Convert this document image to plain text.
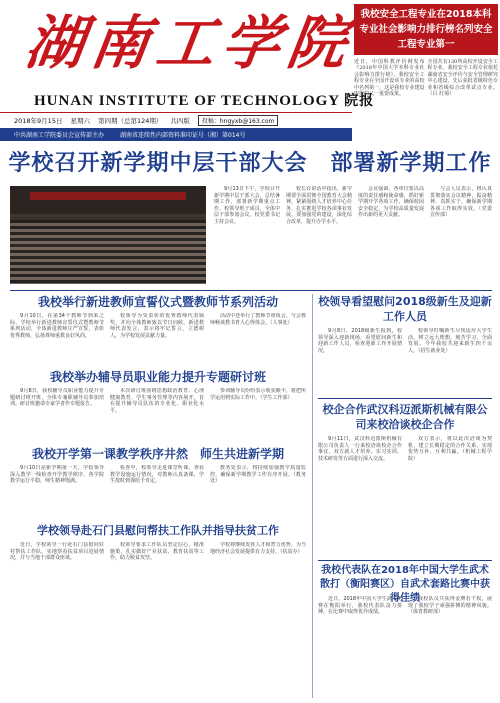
湖 南 工 学 院
HUNAN INSTITUTE OF TECHNOLOGY 院报
我校安全工程专业在2018本科专业社会影响力排行榜名列安全工程专业第一
近日，中国科教评价网发布《2018年中国大学本科专业社会影响力排行榜》。我校安全工程专业在全国开设该专业的高校中名列第一，这是我校专业建设取得的又一重要成果。
全国共有130所高校开设安全工程专业。我校安全工程专业依托湖南省安全评价与安全管理研究中心建设，先后获批省级特色专业和省级综合改革试点专业。（吕 红菊）
2018年9月15日 星期六 第四期（总第124期） 共四版	投稿：hngyxb@163.com
中共湖南工学院委员会宣传部主办	湖南省连续性内部资料准印证号（湘）第014号
学校召开新学期中层干部大会　部署新学期工作

9月13日下午，学校召开新学期中层干部大会，总结暑期工作，部署新学期重点工作。校领导班子成员，全体中层干部参加会议。校党委书记主持会议。

校长在讲话中指出，新学期要全面贯彻全国教育大会精神，紧紧围绕人才培养中心任务，扎实推进学校各项事业发展。要加强党的建设，深化综合改革，提升办学水平。

会议强调，各单位要以高度的责任感和使命感，抓好新学期开学各项工作，确保校园安全稳定，为学校高质量发展作出新的更大贡献。

与会人员表示，将认真贯彻落实会议精神，振奋精神，真抓实干，确保新学期各项工作取得实效。（党委宣传部）

我校举行新进教师宣誓仪式暨教师节系列活动

9月10日，在第34个教师节到来之际，学校举行新进教师宣誓仪式暨教师节系列活动，全体新进教师庄严宣誓，表彰优秀教师，弘扬尊师重教良好风尚。

校领导为受表彰的优秀教师代表颁奖，并向全体教师致以节日问候。新进教师代表发言，表示将牢记誓言，立德树人，为学校发展贡献力量。

活动中还举行了教师节座谈会，与会教师畅谈教书育人心得体会。（人事处）

我校举办辅导员职业能力提升专题研讨班

9月8日，我校辅导员职业能力提升专题研讨班开班，全体专兼职辅导员参加培训。研讨班邀请专家学者作专题报告。

本次研讨班围绕思想政治教育、心理健康教育、学生事务管理等内容展开，旨在提升辅导员队伍的专业化、职业化水平。

参训辅导员纷纷表示收获颇丰，将把所学运用到实际工作中。（学生工作部）

我校开学第一课教学秩序井然　师生共进新学期

9月10日是新学期第一天，学校领导深入教学一线检查开学教学秩序，各学院教学运行平稳，师生精神饱满。

检查中，校领导走进课堂听课，查看教学设施运行情况，对教师认真备课、学生按时到课给予肯定。

教务处表示，将持续加强教学质量监控，确保新学期教学工作有序开展。（教务处）

学校领导赴石门县慰问帮扶工作队并指导扶贫工作

近日，学校领导一行赴石门县慰问驻村帮扶工作队，实地察看扶贫项目进展情况，并与当地干部群众座谈。

校领导要求工作队员坚定信心，精准施策，扎实做好产业扶贫、教育扶贫等工作，助力脱贫攻坚。

学校将继续发挥人才和智力优势，为当地经济社会发展提供有力支持。（扶贫办）

校领导看望慰问2018级新生及迎新工作人员

9月8日，2018级新生报到，校领导深入迎新现场，看望慰问新生和迎新工作人员，检查迎新工作开展情况。

校领导叮嘱新生尽快适应大学生活，树立远大理想，刻苦学习，全面发展。今年我校共迎来新生四千余人。（招生就业处）

校企合作武汉科迈派斯机械有限公司来校洽谈校企合作

9月11日，武汉科迈派斯机械有限公司负责人一行来校洽谈校企合作事宜，双方就人才培养、实习实训、技术研发等方面进行深入交流。

双方表示，将以此次洽谈为契机，建立长期稳定的合作关系，实现优势互补、互利共赢。（机械工程学院）

我校代表队在2018年中国大学生武术散打（衡阳赛区）自武术套路比赛中获得佳绩

近日，2018年中国大学生武术比赛在衡阳举行，我校代表队奋力拼搏，在比赛中取得优异成绩。

我校队员共获得金牌若干枚，展现了我校学子顽强拼搏的精神风貌。（体育教研部）
